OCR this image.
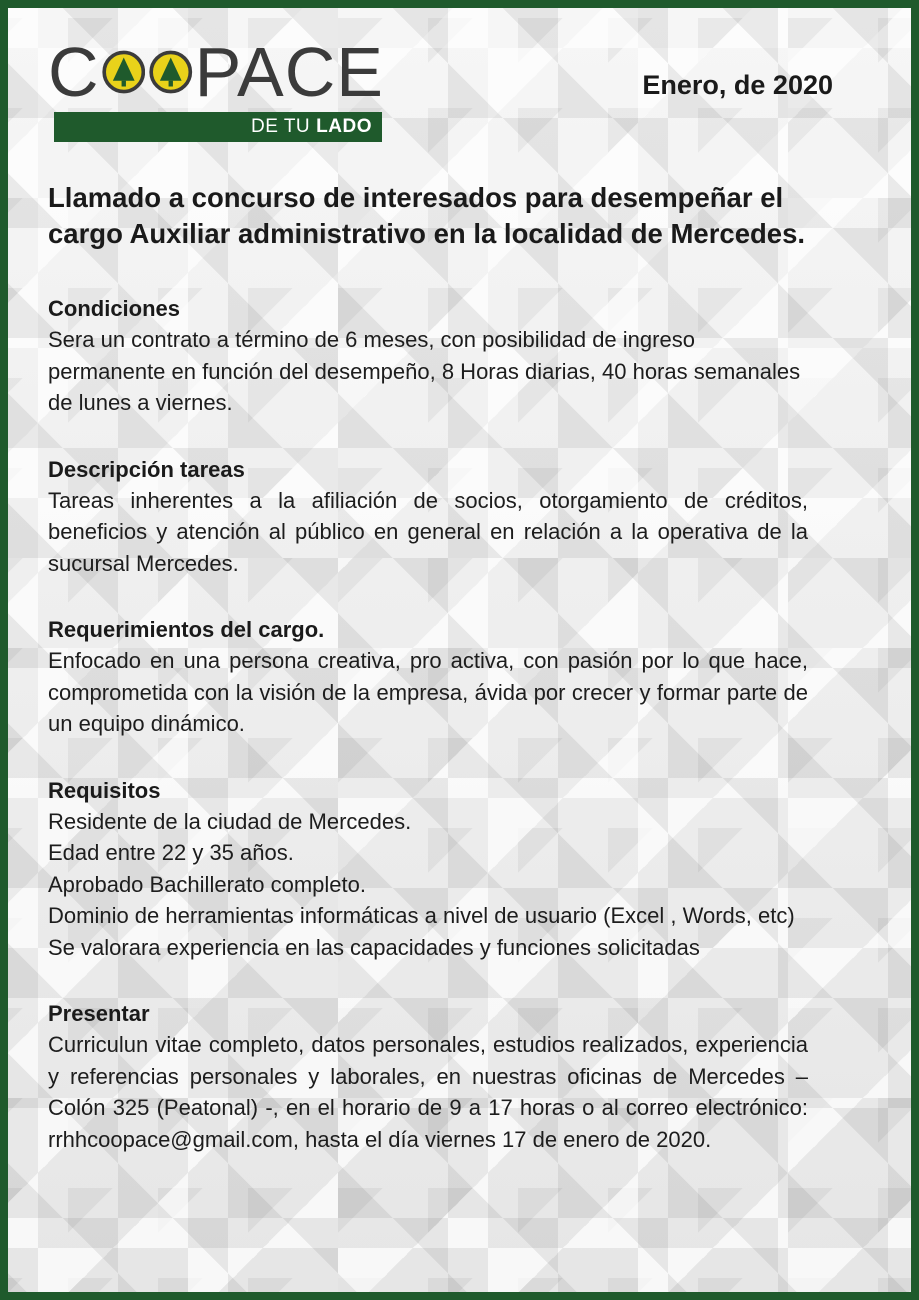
C PACE
DE TU LADO
Enero, de 2020
Llamado a concurso de interesados para desempeñar el cargo Auxiliar administrativo en la localidad de Mercedes.
Condiciones

Sera un contrato a término de 6 meses, con posibilidad de ingreso permanente en función del desempeño, 8 Horas diarias, 40 horas semanales de lunes a viernes.

Descripción tareas

Tareas inherentes a la afiliación de socios, otorgamiento de créditos, beneficios y atención al público en general en relación a la operativa de la sucursal Mercedes.

Requerimientos del cargo.

Enfocado en una persona creativa, pro activa, con pasión por lo que hace, comprometida con la visión de la empresa, ávida por crecer y formar parte de un equipo dinámico.

Requisitos
Residente de la ciudad de Mercedes.
Edad entre 22 y 35 años.
Aprobado Bachillerato completo.
Dominio de herramientas informáticas a nivel de usuario (Excel , Words, etc)
Se valorara experiencia en las capacidades y funciones solicitadas
Presentar

Curriculun vitae completo, datos personales, estudios realizados, experiencia y referencias personales y laborales, en nuestras oficinas de Mercedes – Colón 325 (Peatonal) -, en el horario de 9 a 17 horas o al correo electrónico: rrhhcoopace@gmail.com, hasta el día viernes 17 de enero de 2020.
